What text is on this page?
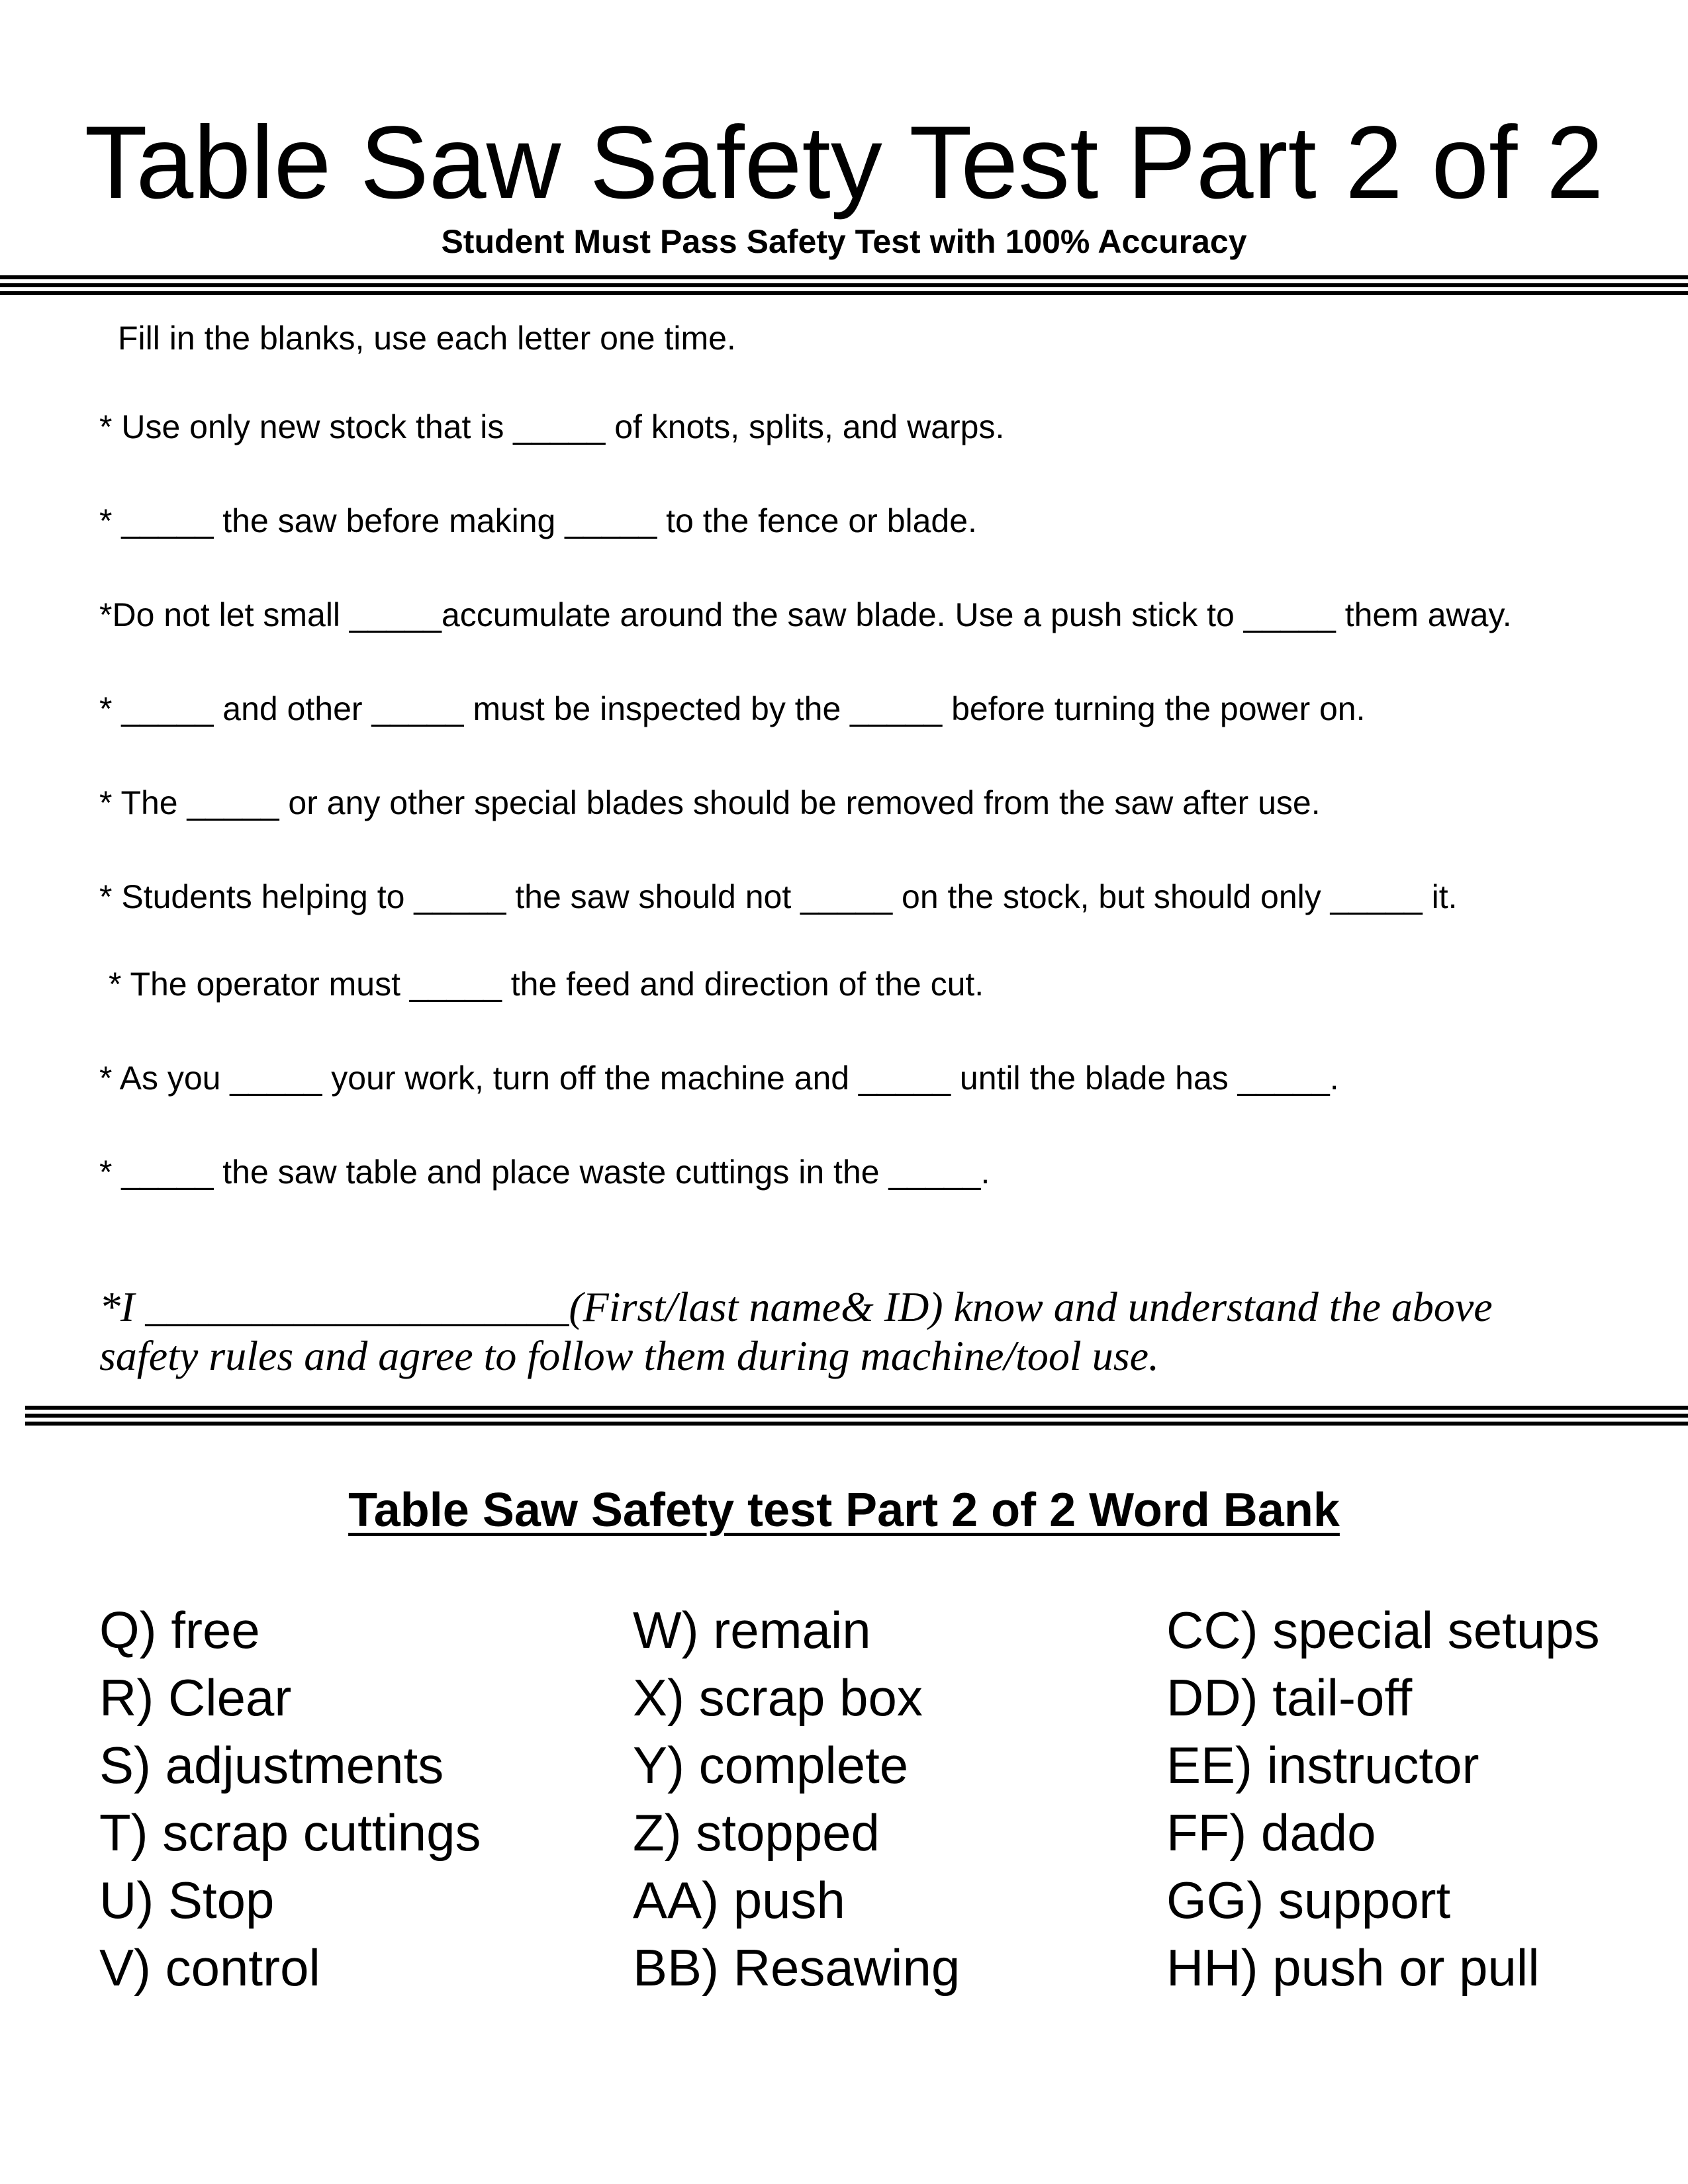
Table Saw Safety Test Part 2 of 2
Student Must Pass Safety Test with 100% Accuracy
Fill in the blanks, use each letter one time.
* Use only new stock that is _____ of knots, splits, and warps.
* _____ the saw before making _____ to the fence or blade.
*Do not let small _____accumulate around the saw blade. Use a push stick to _____ them away.
* _____ and other _____ must be inspected by the _____ before turning the power on.
* The _____ or any other special blades should be removed from the saw after use.
* Students helping to _____ the saw should not _____ on the stock, but should only _____ it.
* The operator must _____ the feed and direction of the cut.
* As you _____ your work, turn off the machine and _____ until the blade has _____.
* _____ the saw table and place waste cuttings in the _____.
*I ____________________(First/last name& ID) know and understand the above
safety rules and agree to follow them during machine/tool use.
Table Saw Safety test Part 2 of 2 Word Bank
Q) free
R) Clear
S) adjustments
T) scrap cuttings
U) Stop
V) control
W) remain
X) scrap box
Y) complete
Z) stopped
AA) push
BB) Resawing
CC) special setups
DD) tail-off
EE) instructor
FF) dado
GG) support
HH) push or pull
